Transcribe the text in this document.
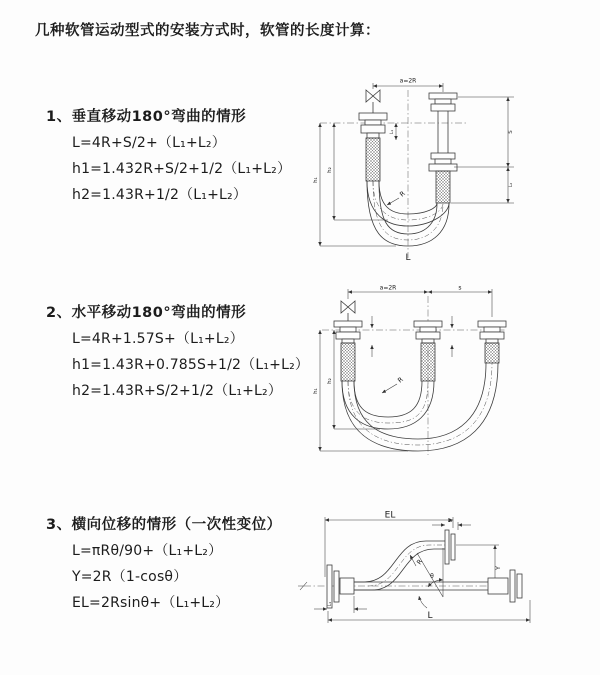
几种软管运动型式的安装方式时，软管的长度计算：
1、垂直移动180°弯曲的情形
L=4R+S/2+（L₁+L₂）
h1=1.432R+S/2+1/2（L₁+L₂）
h2=1.43R+1/2（L₁+L₂）
a=2R
h₁
h₂
L₁	S
L₂
R
L
2、水平移动180°弯曲的情形
L=4R+1.57S+（L₁+L₂）
h1=1.43R+0.785S+1/2（L₁+L₂）
h2=1.43R+S/2+1/2（L₁+L₂）
a=2R	s
h₁
h₂	R
3、横向位移的情形（一次性变位）
L=πRθ/90+（L₁+L₂）
Y=2R（1-cosθ）
EL=2Rsinθ+（L₁+L₂）
EL
L₂
Y
θ
R
L₁
L
